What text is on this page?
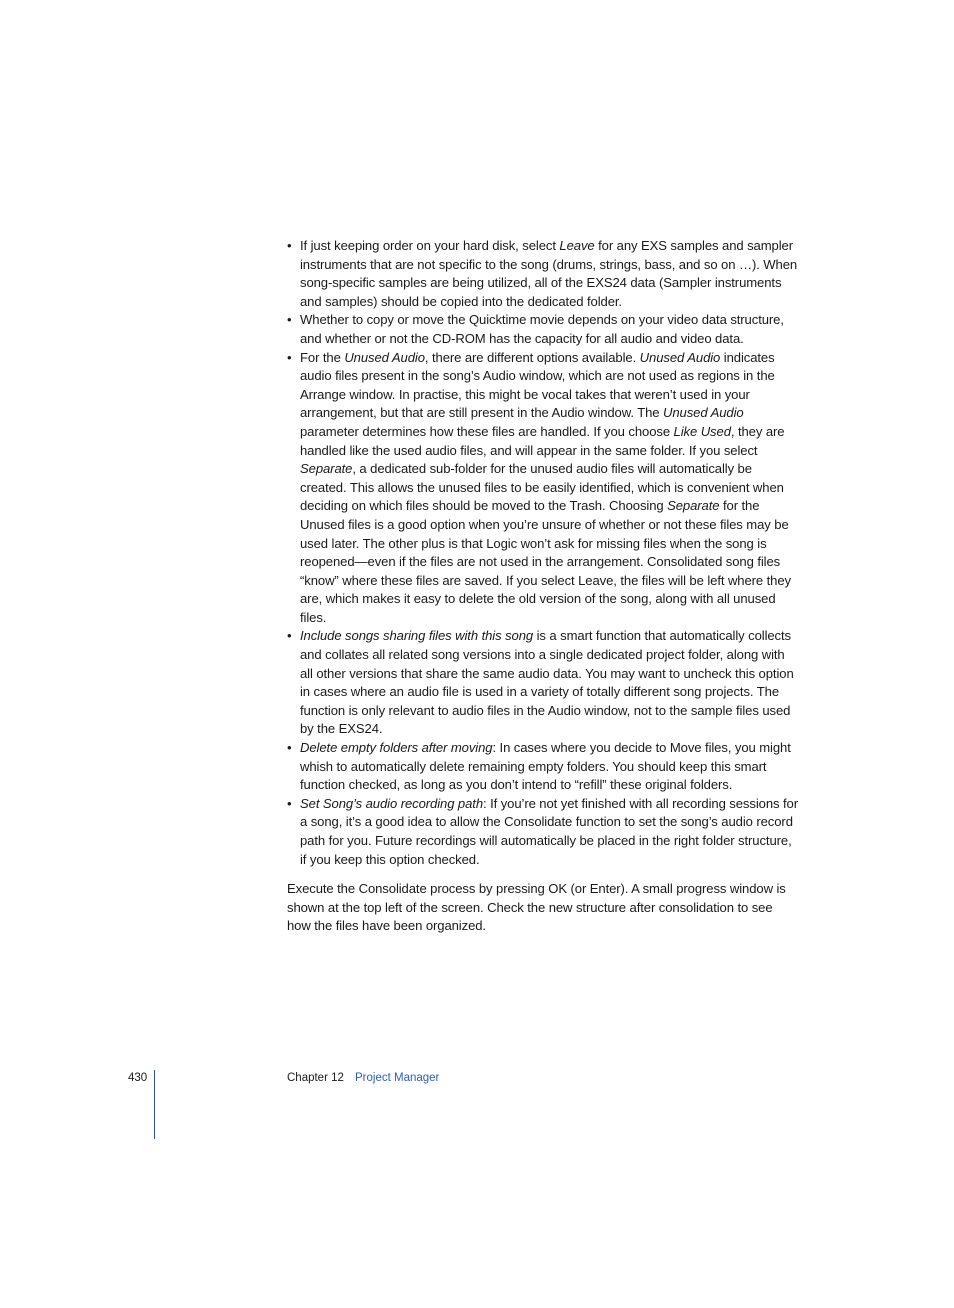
• If just keeping order on your hard disk, select Leave for any EXS samples and sampler instruments that are not specific to the song (drums, strings, bass, and so on …). When song-specific samples are being utilized, all of the EXS24 data (Sampler instruments and samples) should be copied into the dedicated folder.
• Whether to copy or move the Quicktime movie depends on your video data structure, and whether or not the CD-ROM has the capacity for all audio and video data.
• For the Unused Audio, there are different options available. Unused Audio indicates audio files present in the song’s Audio window, which are not used as regions in the Arrange window. In practise, this might be vocal takes that weren’t used in your arrangement, but that are still present in the Audio window. The Unused Audio parameter determines how these files are handled. If you choose Like Used, they are handled like the used audio files, and will appear in the same folder. If you select Separate, a dedicated sub-folder for the unused audio files will automatically be created. This allows the unused files to be easily identified, which is convenient when deciding on which files should be moved to the Trash. Choosing Separate for the Unused files is a good option when you’re unsure of whether or not these files may be used later. The other plus is that Logic won’t ask for missing files when the song is reopened—even if the files are not used in the arrangement. Consolidated song files “know” where these files are saved. If you select Leave, the files will be left where they are, which makes it easy to delete the old version of the song, along with all unused files.
• Include songs sharing files with this song is a smart function that automatically collects and collates all related song versions into a single dedicated project folder, along with all other versions that share the same audio data. You may want to uncheck this option in cases where an audio file is used in a variety of totally different song projects. The function is only relevant to audio files in the Audio window, not to the sample files used by the EXS24.
• Delete empty folders after moving: In cases where you decide to Move files, you might whish to automatically delete remaining empty folders. You should keep this smart function checked, as long as you don’t intend to “refill” these original folders.
• Set Song’s audio recording path: If you’re not yet finished with all recording sessions for a song, it’s a good idea to allow the Consolidate function to set the song’s audio record path for you. Future recordings will automatically be placed in the right folder structure, if you keep this option checked.

Execute the Consolidate process by pressing OK (or Enter). A small progress window is shown at the top left of the screen. Check the new structure after consolidation to see how the files have been organized.

430	Chapter 12 Project Manager
